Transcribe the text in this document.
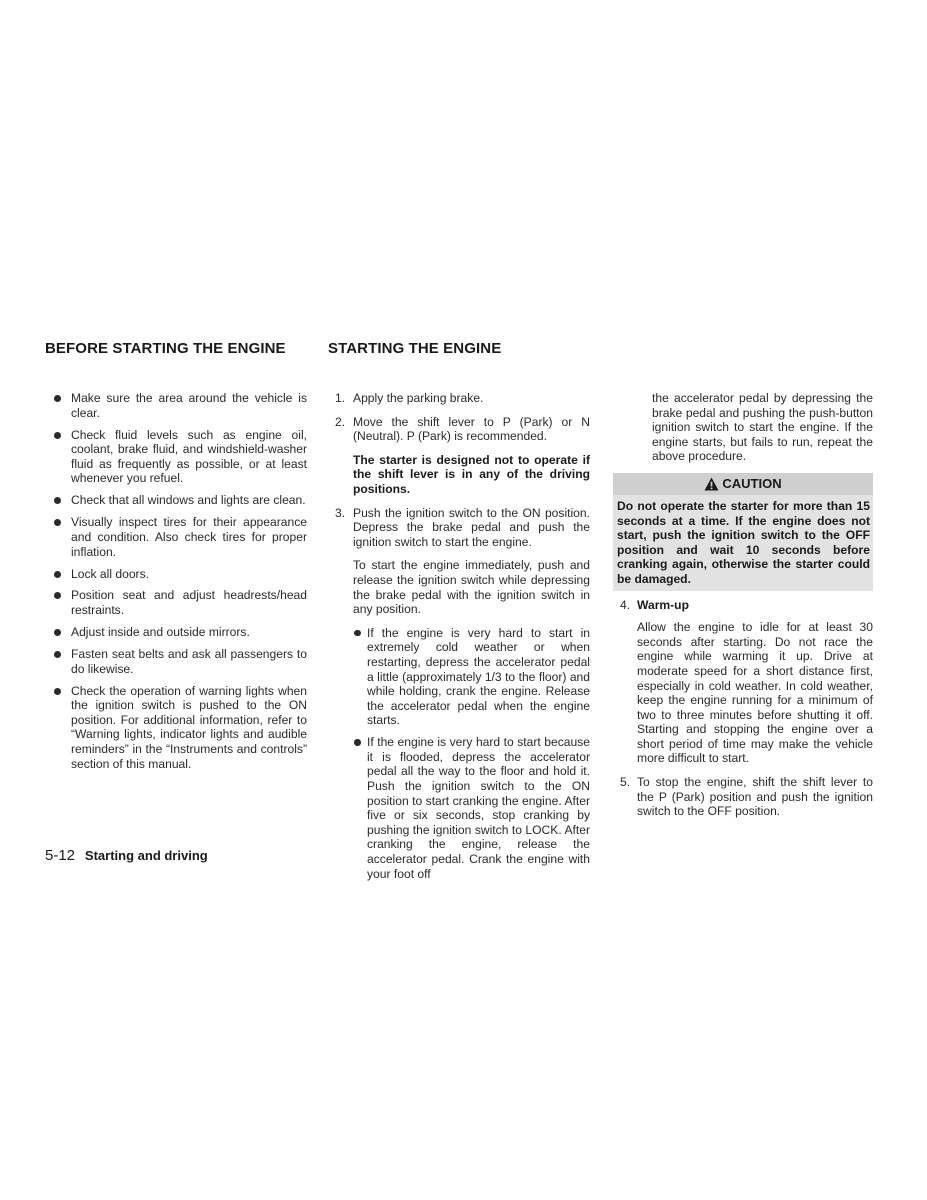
BEFORE STARTING THE ENGINE	STARTING THE ENGINE
Make sure the area around the vehicle is clear.
Check fluid levels such as engine oil, coolant, brake fluid, and windshield-washer fluid as frequently as possible, or at least whenever you refuel.
Check that all windows and lights are clean.
Visually inspect tires for their appearance and condition. Also check tires for proper inflation.
Lock all doors.
Position seat and adjust headrests/head restraints.
Adjust inside and outside mirrors.
Fasten seat belts and ask all passengers to do likewise.
Check the operation of warning lights when the ignition switch is pushed to the ON position. For additional information, refer to “Warning lights, indicator lights and audible reminders” in the “Instruments and controls” section of this manual.
1. Apply the parking brake.

2. Move the shift lever to P (Park) or N (Neutral). P (Park) is recommended.

The starter is designed not to operate if the shift lever is in any of the driving positions.

3. Push the ignition switch to the ON position. Depress the brake pedal and push the ignition switch to start the engine.

To start the engine immediately, push and release the ignition switch while depressing the brake pedal with the ignition switch in any position.

If the engine is very hard to start in extremely cold weather or when restarting, depress the accelerator pedal a little (approximately 1/3 to the floor) and while holding, crank the engine. Release the accelerator pedal when the engine starts.
If the engine is very hard to start because it is flooded, depress the accelerator pedal all the way to the floor and hold it. Push the ignition switch to the ON position to start cranking the engine. After five or six seconds, stop cranking by pushing the ignition switch to LOCK. After cranking the engine, release the accelerator pedal. Crank the engine with your foot off

the accelerator pedal by depressing the brake pedal and pushing the push-button ignition switch to start the engine. If the engine starts, but fails to run, repeat the above procedure.

CAUTION
Do not operate the starter for more than 15 seconds at a time. If the engine does not start, push the ignition switch to the OFF position and wait 10 seconds before cranking again, otherwise the starter could be damaged.
4. Warm-up

Allow the engine to idle for at least 30 seconds after starting. Do not race the engine while warming it up. Drive at moderate speed for a short distance first, especially in cold weather. In cold weather, keep the engine running for a minimum of two to three minutes before shutting it off. Starting and stopping the engine over a short period of time may make the vehicle more difficult to start.

5. To stop the engine, shift the shift lever to the P (Park) position and push the ignition switch to the OFF position.

5-12 Starting and driving
